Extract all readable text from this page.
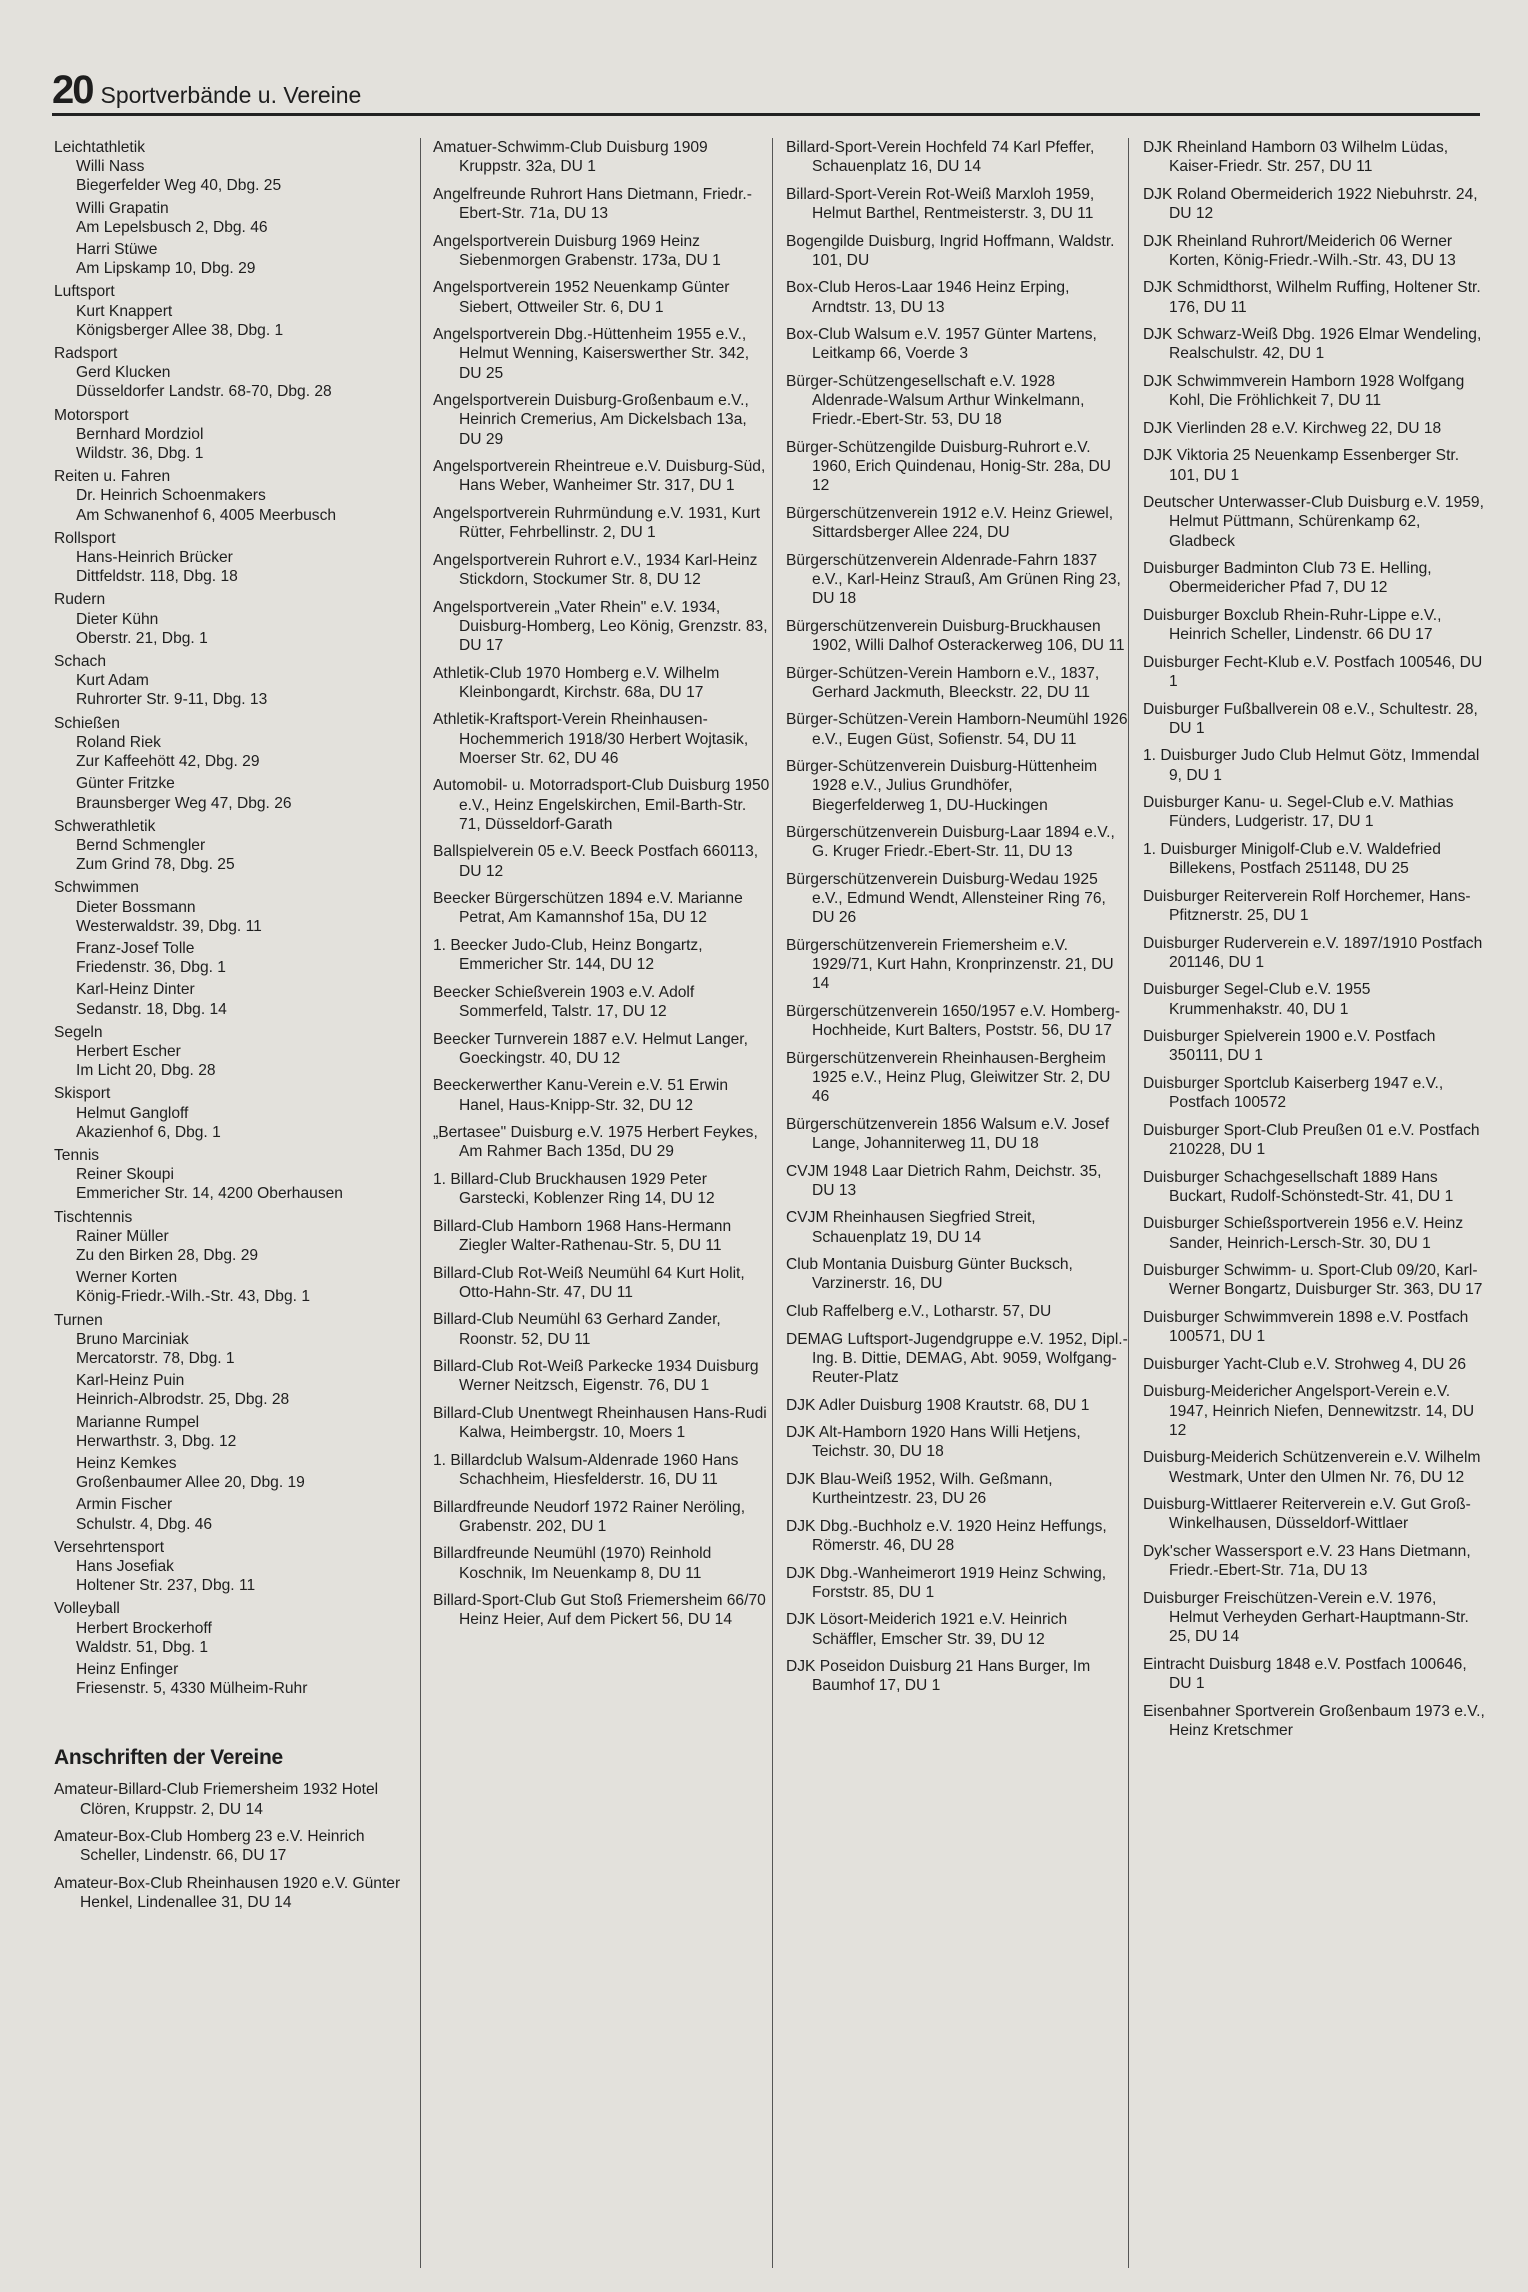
20 Sportverbände u. Vereine
Leichtathletik
Willi Nass
Biegerfelder Weg 40, Dbg. 25
Willi Grapatin
Am Lepelsbusch 2, Dbg. 46
Harri Stüwe
Am Lipskamp 10, Dbg. 29
Luftsport
Kurt Knappert
Königsberger Allee 38, Dbg. 1
Radsport
Gerd Klucken
Düsseldorfer Landstr. 68-70, Dbg. 28
Motorsport
Bernhard Mordziol
Wildstr. 36, Dbg. 1
Reiten u. Fahren
Dr. Heinrich Schoenmakers
Am Schwanenhof 6, 4005 Meerbusch
Rollsport
Hans-Heinrich Brücker
Dittfeldstr. 118, Dbg. 18
Rudern
Dieter Kühn
Oberstr. 21, Dbg. 1
Schach
Kurt Adam
Ruhrorter Str. 9-11, Dbg. 13
Schießen
Roland Riek
Zur Kaffeehött 42, Dbg. 29
Günter Fritzke
Braunsberger Weg 47, Dbg. 26
Schwerathletik
Bernd Schmengler
Zum Grind 78, Dbg. 25
Schwimmen
Dieter Bossmann
Westerwaldstr. 39, Dbg. 11
Franz-Josef Tolle
Friedenstr. 36, Dbg. 1
Karl-Heinz Dinter
Sedanstr. 18, Dbg. 14
Segeln
Herbert Escher
Im Licht 20, Dbg. 28
Skisport
Helmut Gangloff
Akazienhof 6, Dbg. 1
Tennis
Reiner Skoupi
Emmericher Str. 14, 4200 Oberhausen
Tischtennis
Rainer Müller
Zu den Birken 28, Dbg. 29
Werner Korten
König-Friedr.-Wilh.-Str. 43, Dbg. 1
Turnen
Bruno Marciniak
Mercatorstr. 78, Dbg. 1
Karl-Heinz Puin
Heinrich-Albrodstr. 25, Dbg. 28
Marianne Rumpel
Herwarthstr. 3, Dbg. 12
Heinz Kemkes
Großenbaumer Allee 20, Dbg. 19
Armin Fischer
Schulstr. 4, Dbg. 46
Versehrtensport
Hans Josefiak
Holtener Str. 237, Dbg. 11
Volleyball
Herbert Brockerhoff
Waldstr. 51, Dbg. 1
Heinz Enfinger
Friesenstr. 5, 4330 Mülheim-Ruhr
Anschriften der Vereine
Amateur-Billard-Club Friemersheim 1932 Hotel Clören, Kruppstr. 2, DU 14
Amateur-Box-Club Homberg 23 e.V. Heinrich Scheller, Lindenstr. 66, DU 17
Amateur-Box-Club Rheinhausen 1920 e.V. Günter Henkel, Lindenallee 31, DU 14
Amatuer-Schwimm-Club Duisburg 1909 Kruppstr. 32a, DU 1
Angelfreunde Ruhrort Hans Dietmann, Friedr.-Ebert-Str. 71a, DU 13
Angelsportverein Duisburg 1969 Heinz Siebenmorgen Grabenstr. 173a, DU 1
Angelsportverein 1952 Neuenkamp Günter Siebert, Ottweiler Str. 6, DU 1
Angelsportverein Dbg.-Hüttenheim 1955 e.V., Helmut Wenning, Kaiserswerther Str. 342, DU 25
Angelsportverein Duisburg-Großenbaum e.V., Heinrich Cremerius, Am Dickelsbach 13a, DU 29
Angelsportverein Rheintreue e.V. Duisburg-Süd, Hans Weber, Wanheimer Str. 317, DU 1
Angelsportverein Ruhrmündung e.V. 1931, Kurt Rütter, Fehrbellinstr. 2, DU 1
Angelsportverein Ruhrort e.V., 1934 Karl-Heinz Stickdorn, Stockumer Str. 8, DU 12
Angelsportverein „Vater Rhein" e.V. 1934, Duisburg-Homberg, Leo König, Grenzstr. 83, DU 17
Athletik-Club 1970 Homberg e.V. Wilhelm Kleinbongardt, Kirchstr. 68a, DU 17
Athletik-Kraftsport-Verein Rheinhausen-Hochemmerich 1918/30 Herbert Wojtasik, Moerser Str. 62, DU 46
Automobil- u. Motorradsport-Club Duisburg 1950 e.V., Heinz Engelskirchen, Emil-Barth-Str. 71, Düsseldorf-Garath
Ballspielverein 05 e.V. Beeck Postfach 660113, DU 12
Beecker Bürgerschützen 1894 e.V. Marianne Petrat, Am Kamannshof 15a, DU 12
1. Beecker Judo-Club, Heinz Bongartz, Emmericher Str. 144, DU 12
Beecker Schießverein 1903 e.V. Adolf Sommerfeld, Talstr. 17, DU 12
Beecker Turnverein 1887 e.V. Helmut Langer, Goeckingstr. 40, DU 12
Beeckerwerther Kanu-Verein e.V. 51 Erwin Hanel, Haus-Knipp-Str. 32, DU 12
„Bertasee" Duisburg e.V. 1975 Herbert Feykes, Am Rahmer Bach 135d, DU 29
1. Billard-Club Bruckhausen 1929 Peter Garstecki, Koblenzer Ring 14, DU 12
Billard-Club Hamborn 1968 Hans-Hermann Ziegler Walter-Rathenau-Str. 5, DU 11
Billard-Club Rot-Weiß Neumühl 64 Kurt Holit, Otto-Hahn-Str. 47, DU 11
Billard-Club Neumühl 63 Gerhard Zander, Roonstr. 52, DU 11
Billard-Club Rot-Weiß Parkecke 1934 Duisburg Werner Neitzsch, Eigenstr. 76, DU 1
Billard-Club Unentwegt Rheinhausen Hans-Rudi Kalwa, Heimbergstr. 10, Moers 1
1. Billardclub Walsum-Aldenrade 1960 Hans Schachheim, Hiesfelderstr. 16, DU 11
Billardfreunde Neudorf 1972 Rainer Neröling, Grabenstr. 202, DU 1
Billardfreunde Neumühl (1970) Reinhold Koschnik, Im Neuenkamp 8, DU 11
Billard-Sport-Club Gut Stoß Friemersheim 66/70 Heinz Heier, Auf dem Pickert 56, DU 14
Billard-Sport-Verein Hochfeld 74 Karl Pfeffer, Schauenplatz 16, DU 14
Billard-Sport-Verein Rot-Weiß Marxloh 1959, Helmut Barthel, Rentmeisterstr. 3, DU 11
Bogengilde Duisburg, Ingrid Hoffmann, Waldstr. 101, DU
Box-Club Heros-Laar 1946 Heinz Erping, Arndtstr. 13, DU 13
Box-Club Walsum e.V. 1957 Günter Martens, Leitkamp 66, Voerde 3
Bürger-Schützengesellschaft e.V. 1928 Aldenrade-Walsum Arthur Winkelmann, Friedr.-Ebert-Str. 53, DU 18
Bürger-Schützengilde Duisburg-Ruhrort e.V. 1960, Erich Quindenau, Honig-Str. 28a, DU 12
Bürgerschützenverein 1912 e.V. Heinz Griewel, Sittardsberger Allee 224, DU
Bürgerschützenverein Aldenrade-Fahrn 1837 e.V., Karl-Heinz Strauß, Am Grünen Ring 23, DU 18
Bürgerschützenverein Duisburg-Bruckhausen 1902, Willi Dalhof Osterackerweg 106, DU 11
Bürger-Schützen-Verein Hamborn e.V., 1837, Gerhard Jackmuth, Bleeckstr. 22, DU 11
Bürger-Schützen-Verein Hamborn-Neumühl 1926 e.V., Eugen Güst, Sofienstr. 54, DU 11
Bürger-Schützenverein Duisburg-Hüttenheim 1928 e.V., Julius Grundhöfer, Biegerfelderweg 1, DU-Huckingen
Bürgerschützenverein Duisburg-Laar 1894 e.V., G. Kruger Friedr.-Ebert-Str. 11, DU 13
Bürgerschützenverein Duisburg-Wedau 1925 e.V., Edmund Wendt, Allensteiner Ring 76, DU 26
Bürgerschützenverein Friemersheim e.V. 1929/71, Kurt Hahn, Kronprinzenstr. 21, DU 14
Bürgerschützenverein 1650/1957 e.V. Homberg-Hochheide, Kurt Balters, Poststr. 56, DU 17
Bürgerschützenverein Rheinhausen-Bergheim 1925 e.V., Heinz Plug, Gleiwitzer Str. 2, DU 46
Bürgerschützenverein 1856 Walsum e.V. Josef Lange, Johanniterweg 11, DU 18
CVJM 1948 Laar Dietrich Rahm, Deichstr. 35, DU 13
CVJM Rheinhausen Siegfried Streit, Schauenplatz 19, DU 14
Club Montania Duisburg Günter Bucksch, Varzinerstr. 16, DU
Club Raffelberg e.V., Lotharstr. 57, DU
DEMAG Luftsport-Jugendgruppe e.V. 1952, Dipl.-Ing. B. Dittie, DEMAG, Abt. 9059, Wolfgang-Reuter-Platz
DJK Adler Duisburg 1908 Krautstr. 68, DU 1
DJK Alt-Hamborn 1920 Hans Willi Hetjens, Teichstr. 30, DU 18
DJK Blau-Weiß 1952, Wilh. Geßmann, Kurtheintzestr. 23, DU 26
DJK Dbg.-Buchholz e.V. 1920 Heinz Heffungs, Römerstr. 46, DU 28
DJK Dbg.-Wanheimerort 1919 Heinz Schwing, Forststr. 85, DU 1
DJK Lösort-Meiderich 1921 e.V. Heinrich Schäffler, Emscher Str. 39, DU 12
DJK Poseidon Duisburg 21 Hans Burger, Im Baumhof 17, DU 1
DJK Rheinland Hamborn 03 Wilhelm Lüdas, Kaiser-Friedr. Str. 257, DU 11
DJK Roland Obermeiderich 1922 Niebuhrstr. 24, DU 12
DJK Rheinland Ruhrort/Meiderich 06 Werner Korten, König-Friedr.-Wilh.-Str. 43, DU 13
DJK Schmidthorst, Wilhelm Ruffing, Holtener Str. 176, DU 11
DJK Schwarz-Weiß Dbg. 1926 Elmar Wendeling, Realschulstr. 42, DU 1
DJK Schwimmverein Hamborn 1928 Wolfgang Kohl, Die Fröhlichkeit 7, DU 11
DJK Vierlinden 28 e.V. Kirchweg 22, DU 18
DJK Viktoria 25 Neuenkamp Essenberger Str. 101, DU 1
Deutscher Unterwasser-Club Duisburg e.V. 1959, Helmut Püttmann, Schürenkamp 62, Gladbeck
Duisburger Badminton Club 73 E. Helling, Obermeidericher Pfad 7, DU 12
Duisburger Boxclub Rhein-Ruhr-Lippe e.V., Heinrich Scheller, Lindenstr. 66 DU 17
Duisburger Fecht-Klub e.V. Postfach 100546, DU 1
Duisburger Fußballverein 08 e.V., Schultestr. 28, DU 1
1. Duisburger Judo Club Helmut Götz, Immendal 9, DU 1
Duisburger Kanu- u. Segel-Club e.V. Mathias Fünders, Ludgeristr. 17, DU 1
1. Duisburger Minigolf-Club e.V. Waldefried Billekens, Postfach 251148, DU 25
Duisburger Reiterverein Rolf Horchemer, Hans-Pfitznerstr. 25, DU 1
Duisburger Ruderverein e.V. 1897/1910 Postfach 201146, DU 1
Duisburger Segel-Club e.V. 1955 Krummenhakstr. 40, DU 1
Duisburger Spielverein 1900 e.V. Postfach 350111, DU 1
Duisburger Sportclub Kaiserberg 1947 e.V., Postfach 100572
Duisburger Sport-Club Preußen 01 e.V. Postfach 210228, DU 1
Duisburger Schachgesellschaft 1889 Hans Buckart, Rudolf-Schönstedt-Str. 41, DU 1
Duisburger Schießsportverein 1956 e.V. Heinz Sander, Heinrich-Lersch-Str. 30, DU 1
Duisburger Schwimm- u. Sport-Club 09/20, Karl-Werner Bongartz, Duisburger Str. 363, DU 17
Duisburger Schwimmverein 1898 e.V. Postfach 100571, DU 1
Duisburger Yacht-Club e.V. Strohweg 4, DU 26
Duisburg-Meidericher Angelsport-Verein e.V. 1947, Heinrich Niefen, Dennewitzstr. 14, DU 12
Duisburg-Meiderich Schützenverein e.V. Wilhelm Westmark, Unter den Ulmen Nr. 76, DU 12
Duisburg-Wittlaerer Reiterverein e.V. Gut Groß-Winkelhausen, Düsseldorf-Wittlaer
Dyk'scher Wassersport e.V. 23 Hans Dietmann, Friedr.-Ebert-Str. 71a, DU 13
Duisburger Freischützen-Verein e.V. 1976, Helmut Verheyden Gerhart-Hauptmann-Str. 25, DU 14
Eintracht Duisburg 1848 e.V. Postfach 100646, DU 1
Eisenbahner Sportverein Großenbaum 1973 e.V., Heinz Kretschmer
